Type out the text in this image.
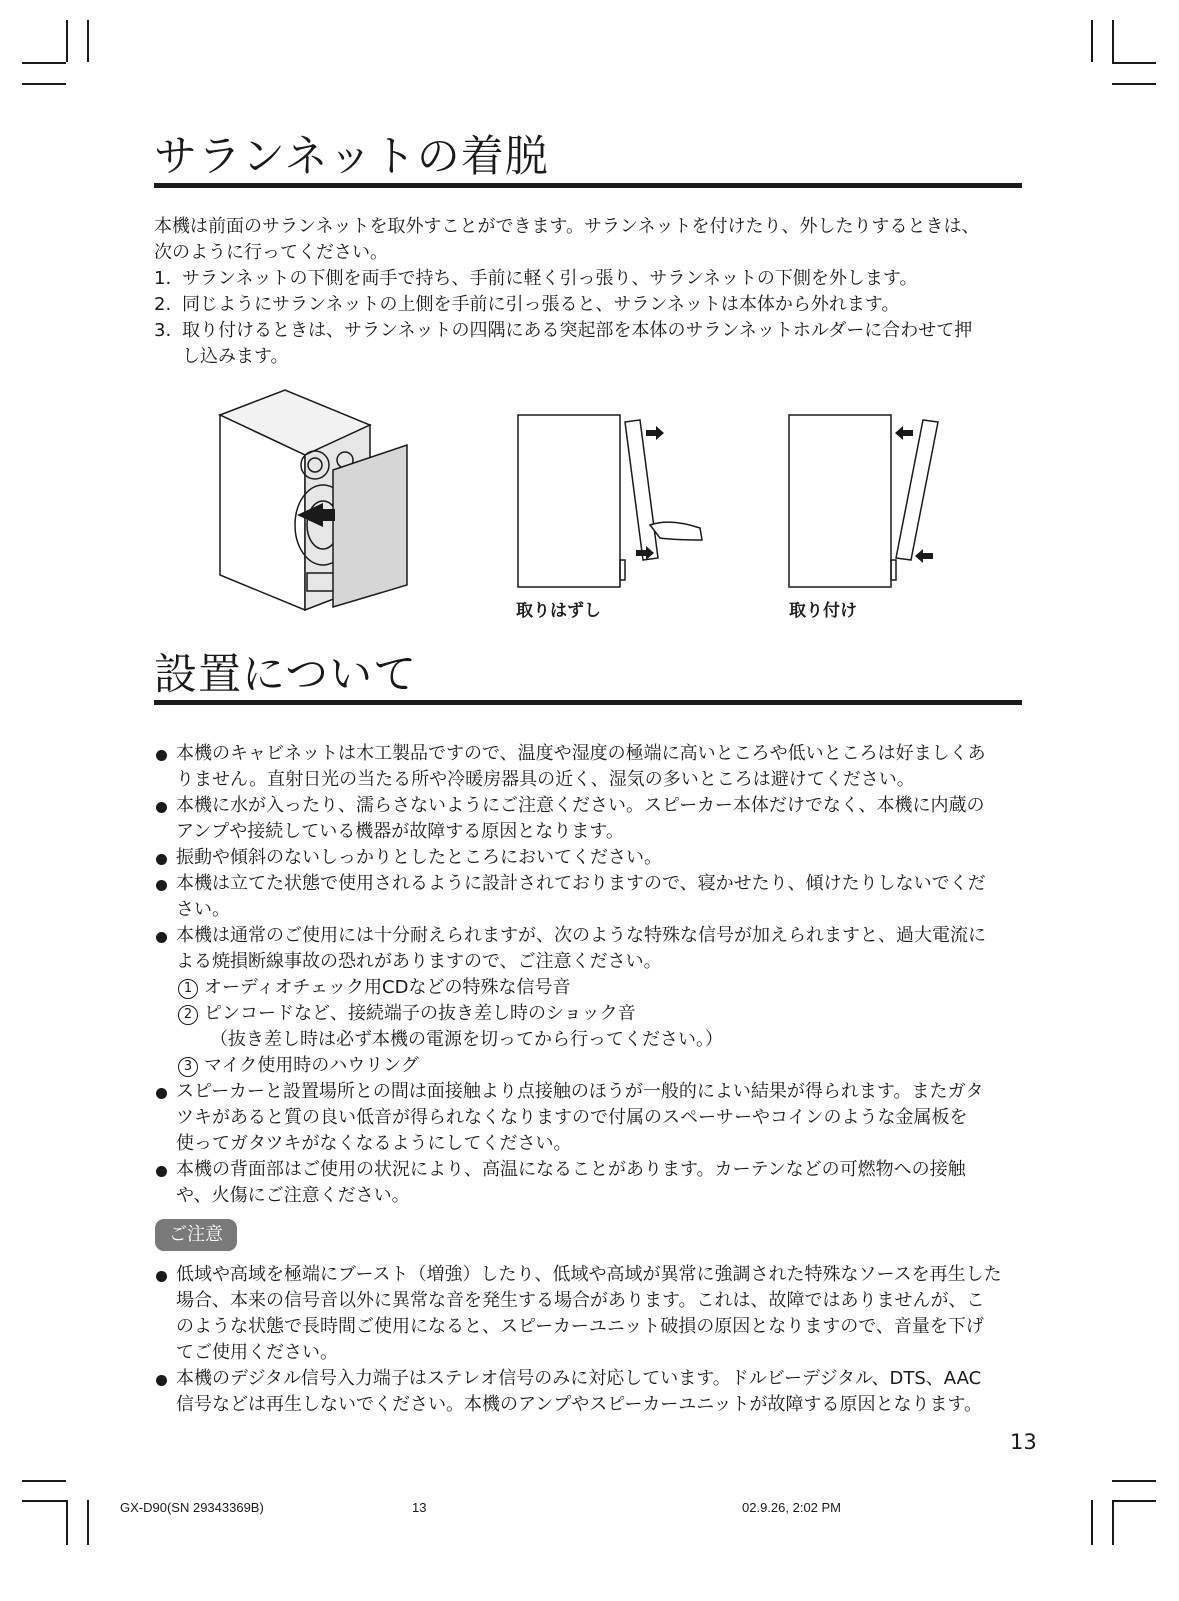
サランネットの着脱
本機は前面のサランネットを取外すことができます。サランネットを付けたり、外したりするときは、
次のように行ってください。
1. サランネットの下側を両手で持ち、手前に軽く引っ張り、サランネットの下側を外します。
2. 同じようにサランネットの上側を手前に引っ張ると、サランネットは本体から外れます。
3. 取り付けるときは、サランネットの四隅にある突起部を本体のサランネットホルダーに合わせて押
し込みます。
取りはずし	取り付け
設置について
本機のキャビネットは木工製品ですので、温度や湿度の極端に高いところや低いところは好ましくあ
りません。直射日光の当たる所や冷暖房器具の近く、湿気の多いところは避けてください。
本機に水が入ったり、濡らさないようにご注意ください。スピーカー本体だけでなく、本機に内蔵の
アンプや接続している機器が故障する原因となります。
振動や傾斜のないしっかりとしたところにおいてください。
本機は立てた状態で使用されるように設計されておりますので、寝かせたり、傾けたりしないでくだ
さい。
本機は通常のご使用には十分耐えられますが、次のような特殊な信号が加えられますと、過大電流に
よる焼損断線事故の恐れがありますので、ご注意ください。
1 オーディオチェック用CDなどの特殊な信号音
2 ピンコードなど、接続端子の抜き差し時のショック音
（抜き差し時は必ず本機の電源を切ってから行ってください。）
3 マイク使用時のハウリング
スピーカーと設置場所との間は面接触より点接触のほうが一般的によい結果が得られます。またガタ
ツキがあると質の良い低音が得られなくなりますので付属のスペーサーやコインのような金属板を
使ってガタツキがなくなるようにしてください。
本機の背面部はご使用の状況により、高温になることがあります。カーテンなどの可燃物への接触
や、火傷にご注意ください。
ご注意
低域や高域を極端にブースト（増強）したり、低域や高域が異常に強調された特殊なソースを再生した
場合、本来の信号音以外に異常な音を発生する場合があります。これは、故障ではありませんが、こ
のような状態で長時間ご使用になると、スピーカーユニット破損の原因となりますので、音量を下げ
てご使用ください。
本機のデジタル信号入力端子はステレオ信号のみに対応しています。ドルビーデジタル、DTS、AAC
信号などは再生しないでください。本機のアンプやスピーカーユニットが故障する原因となります。
13
GX-D90(SN 29343369B)	13	02.9.26, 2:02 PM
